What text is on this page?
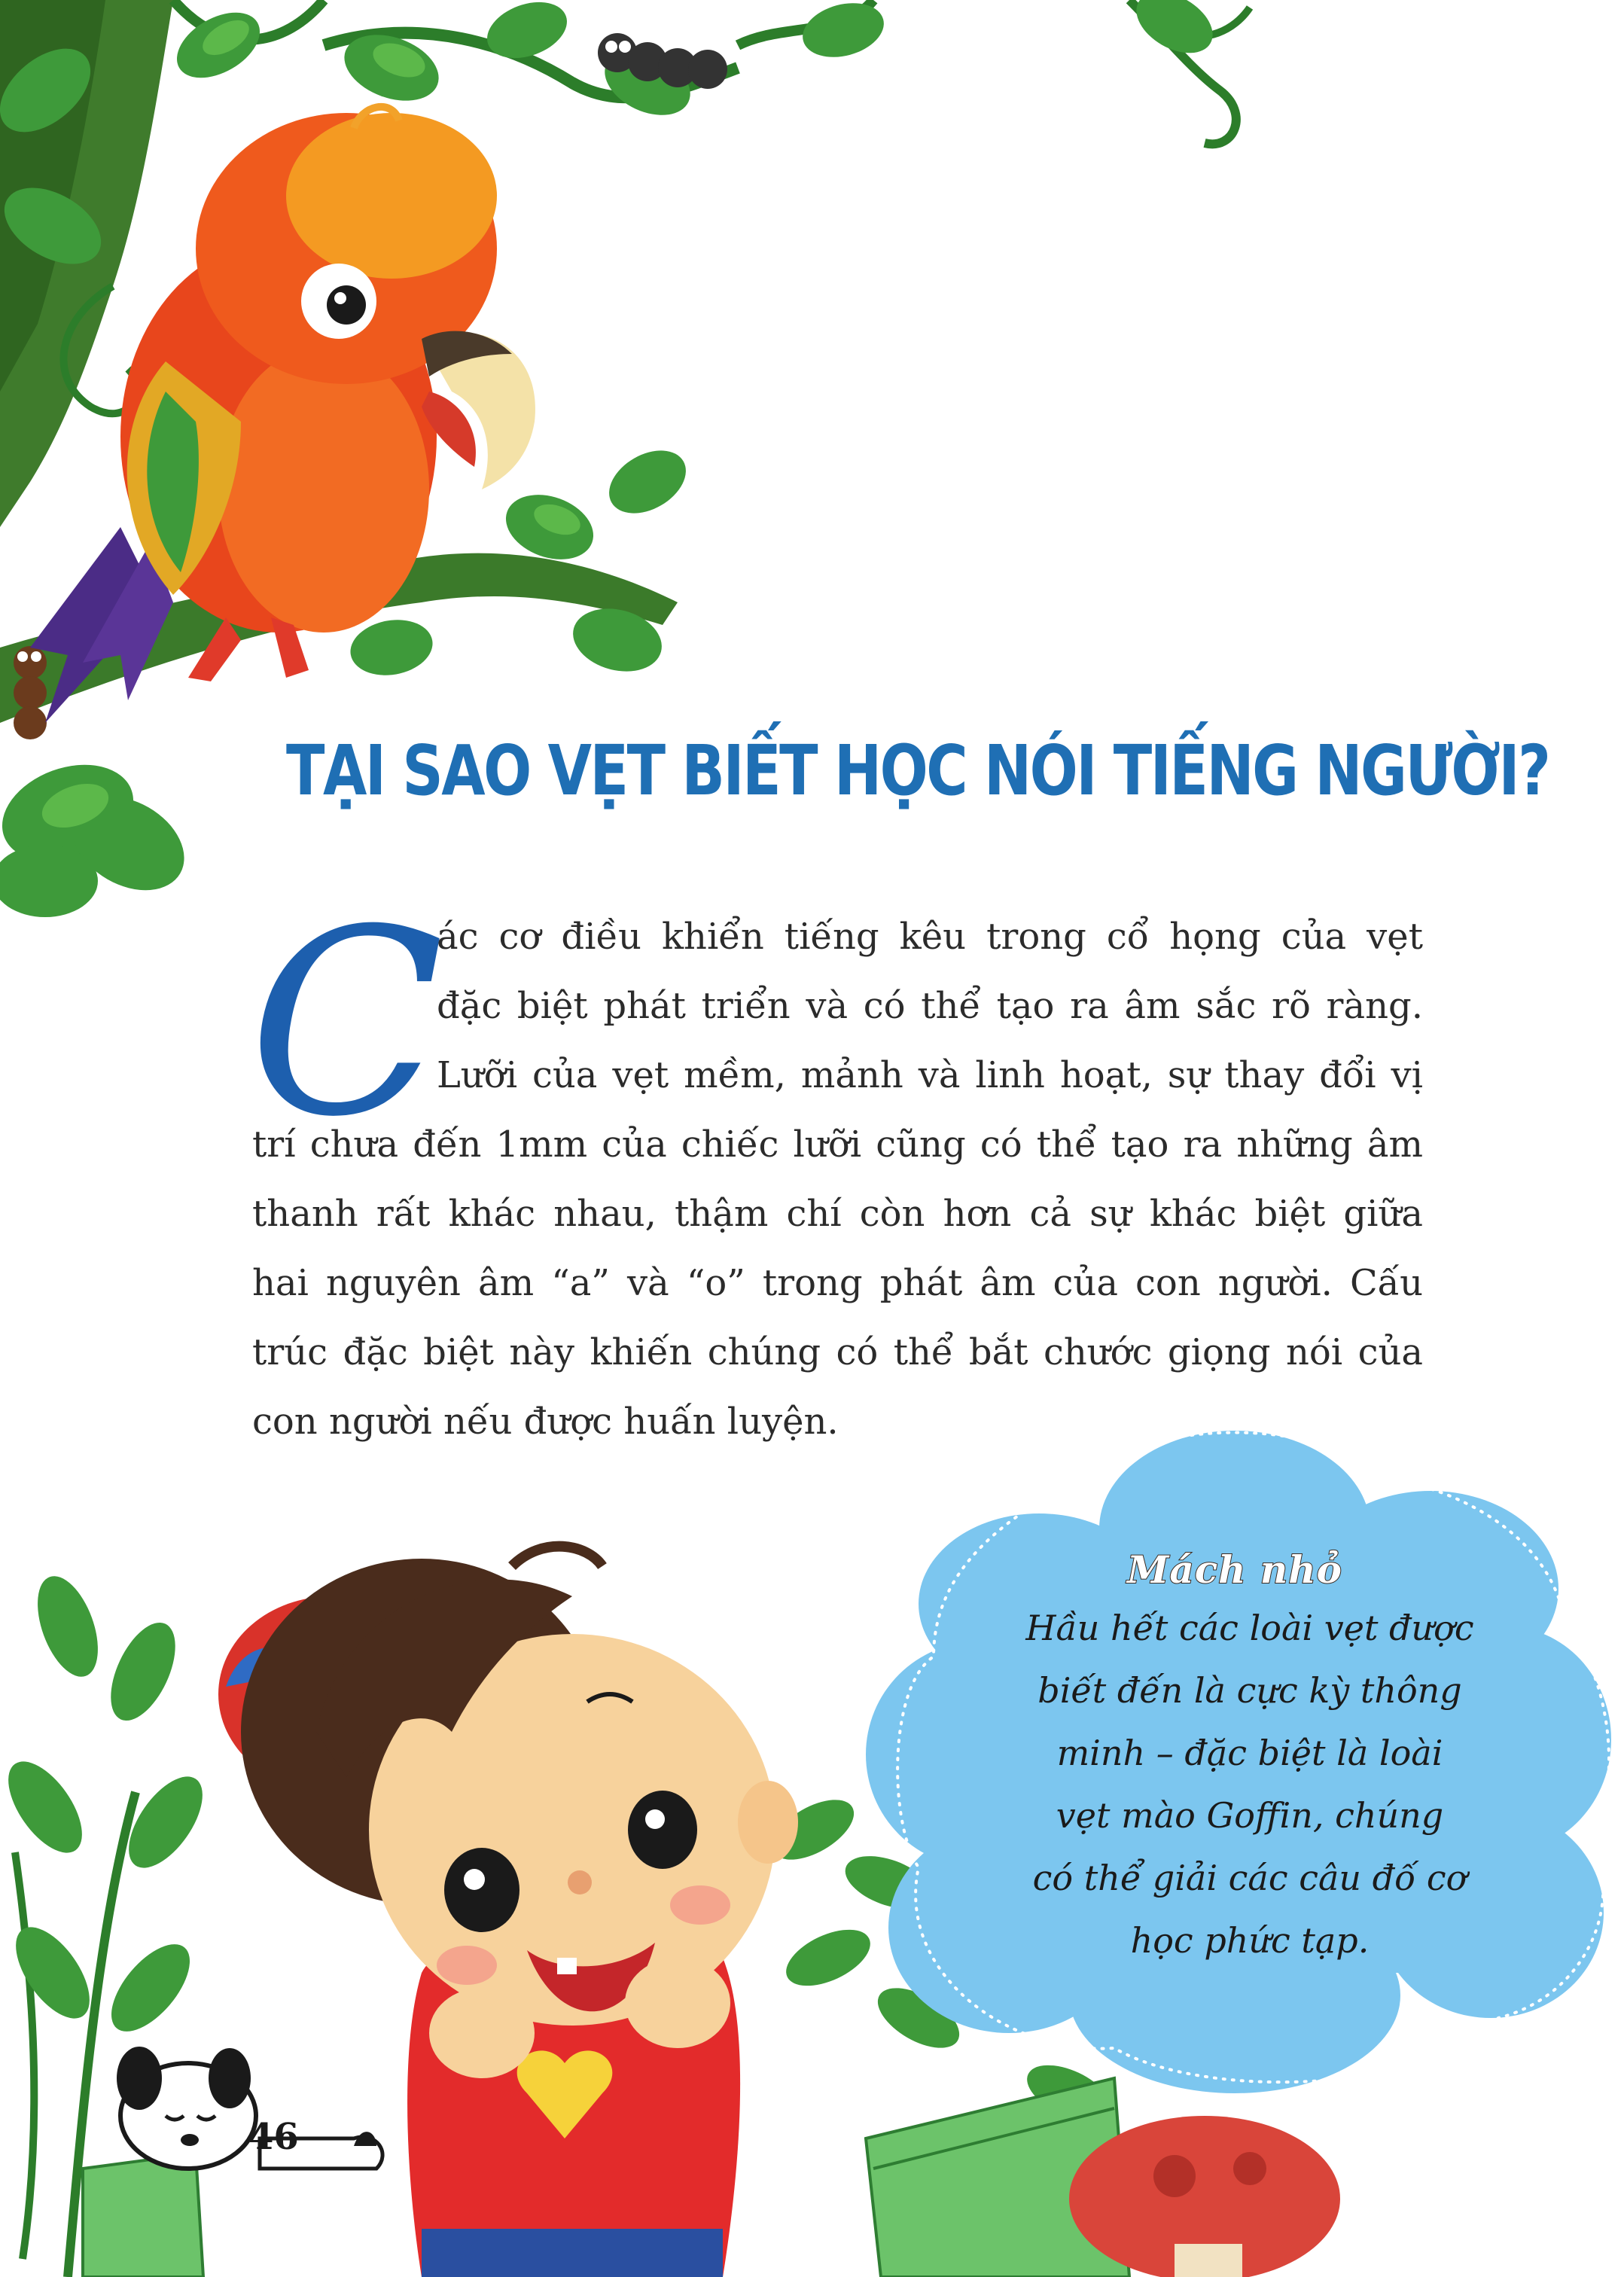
TẠI SAO VẸT BIẾT HỌC NÓI TIẾNG NGƯỜI?
C
ác cơ điều khiển tiếng kêu trong cổ họng của vẹt
đặc biệt phát triển và có thể tạo ra âm sắc rõ ràng.
Lưỡi của vẹt mềm, mảnh và linh hoạt, sự thay đổi vị
trí chưa đến 1mm của chiếc lưỡi cũng có thể tạo ra những âm
thanh rất khác nhau, thậm chí còn hơn cả sự khác biệt giữa
hai nguyên âm “a” và “o” trong phát âm của con người. Cấu
trúc đặc biệt này khiến chúng có thể bắt chước giọng nói của
con người nếu được huấn luyện.
Mách nhỏ
Hầu hết các loài vẹt được
biết đến là cực kỳ thông
minh – đặc biệt là loài
vẹt mào Goffin, chúng
có thể giải các câu đố cơ
học phức tạp.
46
